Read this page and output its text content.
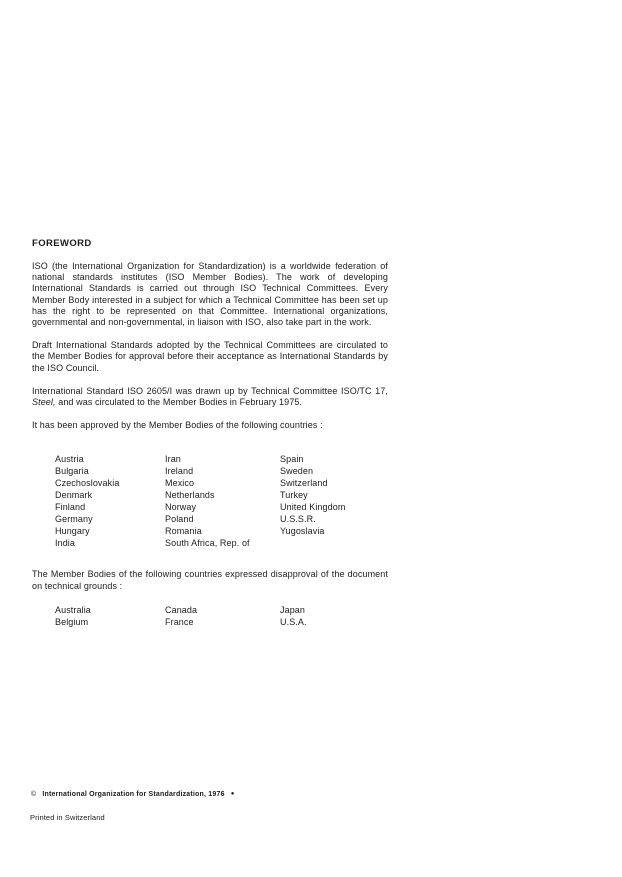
FOREWORD

ISO (the International Organization for Standardization) is a worldwide federation of national standards institutes (ISO Member Bodies). The work of developing International Standards is carried out through ISO Technical Committees. Every Member Body interested in a subject for which a Technical Committee has been set up has the right to be represented on that Committee. International organizations, governmental and non-governmental, in liaison with ISO, also take part in the work.

Draft International Standards adopted by the Technical Committees are circulated to the Member Bodies for approval before their acceptance as International Standards by the ISO Council.

International Standard ISO 2605/I was drawn up by Technical Committee ISO/TC 17, Steel, and was circulated to the Member Bodies in February 1975.

It has been approved by the Member Bodies of the following countries :

Austria
Bulgaria
Czechoslovakia
Denmark
Finland
Germany
Hungary
India
Iran
Ireland
Mexico
Netherlands
Norway
Poland
Romania
South Africa, Rep. of
Spain
Sweden
Switzerland
Turkey
United Kingdom
U.S.S.R.
Yugoslavia

The Member Bodies of the following countries expressed disapproval of the document on technical grounds :

Australia
Belgium
Canada
France
Japan
U.S.A.
© International Organization for Standardization, 1976 ●
Printed in Switzerland
